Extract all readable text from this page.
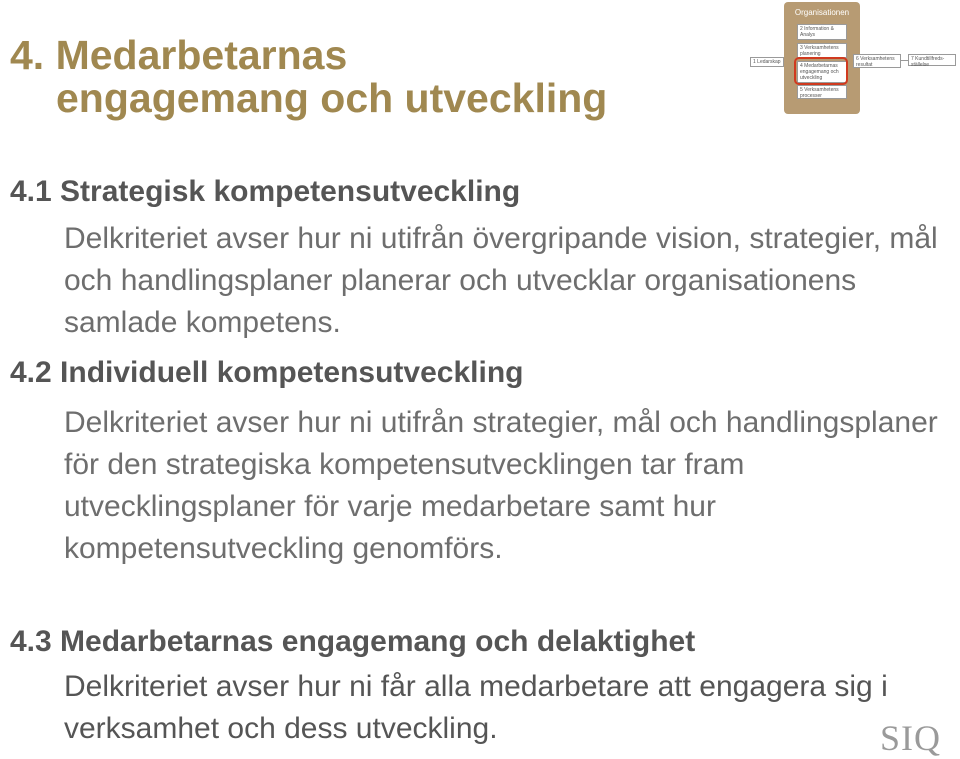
4. Medarbetarnas
engagemang och utveckling
Organisationen
1 Ledarskap
2 Information & Analys
3 Verksamhetens planering
4 Medarbetarnas engagemang och utveckling
5 Verksamhetens processer
6 Verksamhetens resultat
7 Kundtillfreds-ställelse
4.1 Strategisk kompetensutveckling

Delkriteriet avser hur ni utifrån övergripande vision, strategier, mål och handlingsplaner planerar och utvecklar organisationens samlade kompetens.

4.2 Individuell kompetensutveckling

Delkriteriet avser hur ni utifrån strategier, mål och handlingsplaner för den strategiska kompetensutvecklingen tar fram utvecklingsplaner för varje medarbetare samt hur kompetensutveckling genomförs.

4.3 Medarbetarnas engagemang och delaktighet

Delkriteriet avser hur ni får alla medarbetare att engagera sig i verksamhet och dess utveckling.	SIQ
